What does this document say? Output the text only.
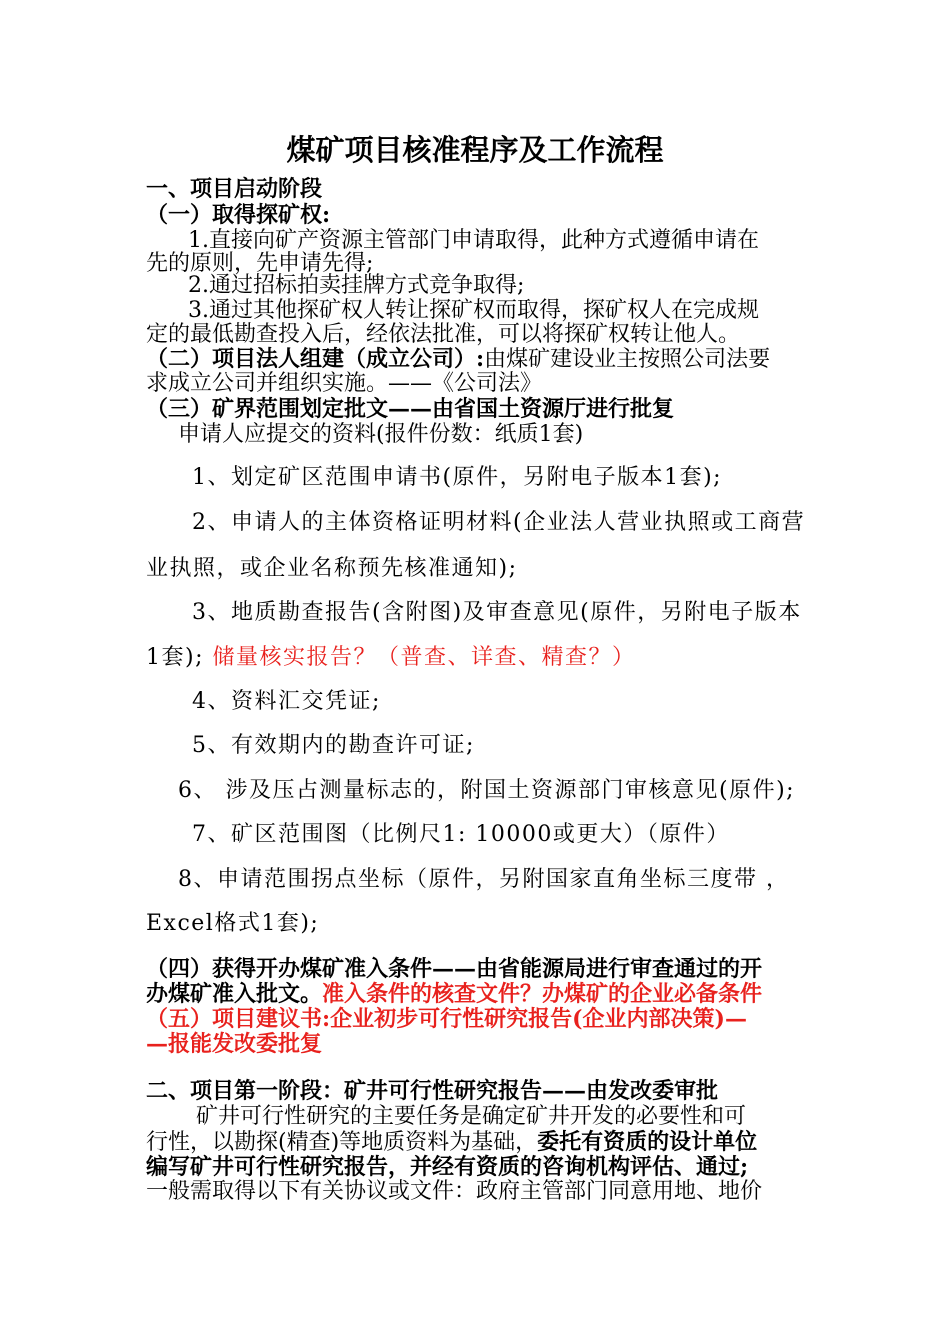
煤矿项目核准程序及工作流程
一、项目启动阶段
（一）取得探矿权:
1.直接向矿产资源主管部门申请取得，此种方式遵循申请在
先的原则，先申请先得;
2.通过招标拍卖挂牌方式竞争取得;
3.通过其他探矿权人转让探矿权而取得，探矿权人在完成规
定的最低勘查投入后，经依法批准，可以将探矿权转让他人。
（二）项目法人组建（成立公司）:由煤矿建设业主按照公司法要
求成立公司并组织实施。——《公司法》
（三）矿界范围划定批文——由省国土资源厅进行批复
申请人应提交的资料(报件份数：纸质1套)
1、划定矿区范围申请书(原件，另附电子版本1套);
2、申请人的主体资格证明材料(企业法人营业执照或工商营
业执照，或企业名称预先核准通知);
3、地质勘查报告(含附图)及审查意见(原件，另附电子版本
1套); 储量核实报告？（普查、详查、精查？）
4、资料汇交凭证;
5、有效期内的勘查许可证;
6、 涉及压占测量标志的，附国土资源部门审核意见(原件);
7、矿区范围图（比例尺1: 10000或更大）（原件）
8、申请范围拐点坐标（原件，另附国家直角坐标三度带 ，
Excel格式1套);
（四）获得开办煤矿准入条件——由省能源局进行审查通过的开
办煤矿准入批文。准入条件的核查文件？办煤矿的企业必备条件
（五）项目建议书:企业初步可行性研究报告(企业内部决策)—
—报能发改委批复
二、项目第一阶段：矿井可行性研究报告——由发改委审批
矿井可行性研究的主要任务是确定矿井开发的必要性和可
行性，以勘探(精查)等地质资料为基础，委托有资质的设计单位
编写矿井可行性研究报告，并经有资质的咨询机构评估、通过;
一般需取得以下有关协议或文件：政府主管部门同意用地、地价
